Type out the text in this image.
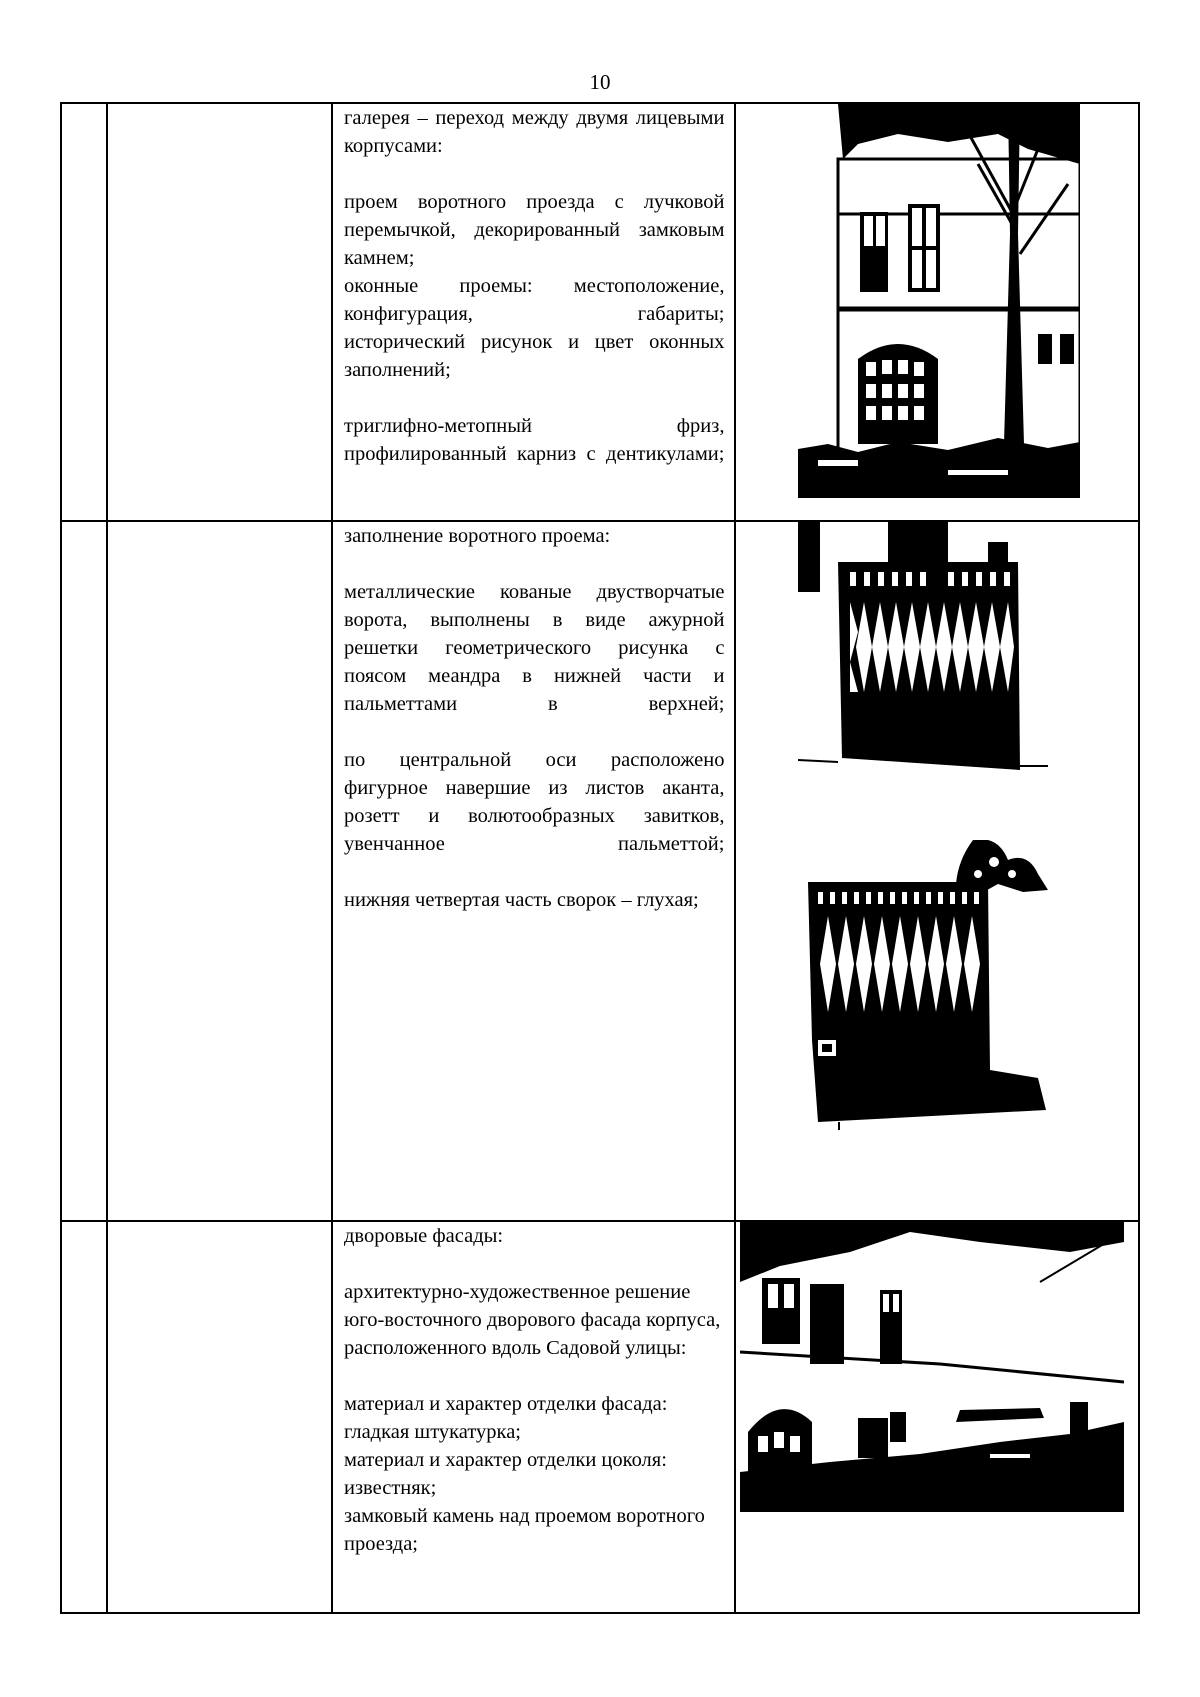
10

		галерея – переход между двумя лицевыми корпусами:

проем воротного проезда с лучковой перемычкой, декорированный замковым камнем;

оконные проемы: местоположение, конфигурация, габариты;

исторический рисунок и цвет оконных заполнений;

триглифно-метопный фриз, профилированный карниз с дентикулами;

		заполнение воротного проема:

металлические кованые двустворчатые ворота, выполнены в виде ажурной решетки геометрического рисунка с поясом меандра в нижней части и пальметтами в верхней;

по центральной оси расположено фигурное навершие из листов аканта, розетт и волютообразных завитков, увенчанное пальметтой;

нижняя четвертая часть сворок – глухая;

		дворовые фасады:

архитектурно-художественное решение юго-восточного дворового фасада корпуса, расположенного вдоль Садовой улицы:

материал и характер отделки фасада: гладкая штукатурка;

материал и характер отделки цоколя: известняк;

замковый камень над проемом воротного проезда;
